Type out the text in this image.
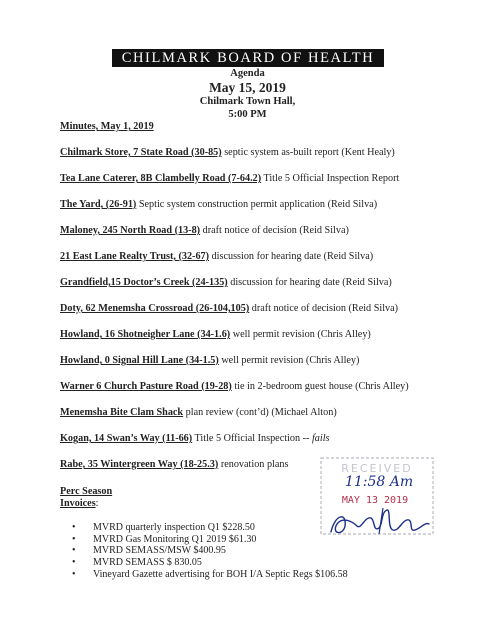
CHILMARK BOARD OF HEALTH
Agenda
May 15, 2019
Chilmark Town Hall,
5:00 PM
Minutes, May 1, 2019
Chilmark Store, 7 State Road (30-85) septic system as-built report (Kent Healy)
Tea Lane Caterer, 8B Clambelly Road (7-64.2) Title 5 Official Inspection Report
The Yard, (26-91) Septic system construction permit application (Reid Silva)
Maloney, 245 North Road (13-8) draft notice of decision (Reid Silva)
21 East Lane Realty Trust, (32-67) discussion for hearing date (Reid Silva)
Grandfield,15 Doctor’s Creek (24-135) discussion for hearing date (Reid Silva)
Doty, 62 Menemsha Crossroad (26-104,105) draft notice of decision (Reid Silva)
Howland, 16 Shotneigher Lane (34-1.6) well permit revision (Chris Alley)
Howland, 0 Signal Hill Lane (34-1.5) well permit revision (Chris Alley)
Warner 6 Church Pasture Road (19-28) tie in 2-bedroom guest house (Chris Alley)
Menemsha Bite Clam Shack plan review (cont’d) (Michael Alton)
Kogan, 14 Swan’s Way (11-66) Title 5 Official Inspection -- fails
Rabe, 35 Wintergreen Way (18-25.3) renovation plans
Perc Season
Invoices:
• MVRD quarterly inspection Q1 $228.50
• MVRD Gas Monitoring Q1 2019 $61.30
• MVRD SEMASS/MSW $400.95
• MVRD SEMASS $ 830.05
• Vineyard Gazette advertising for BOH I/A Septic Regs $106.58
RECEIVED
11:58 Am
MAY 13 2019
